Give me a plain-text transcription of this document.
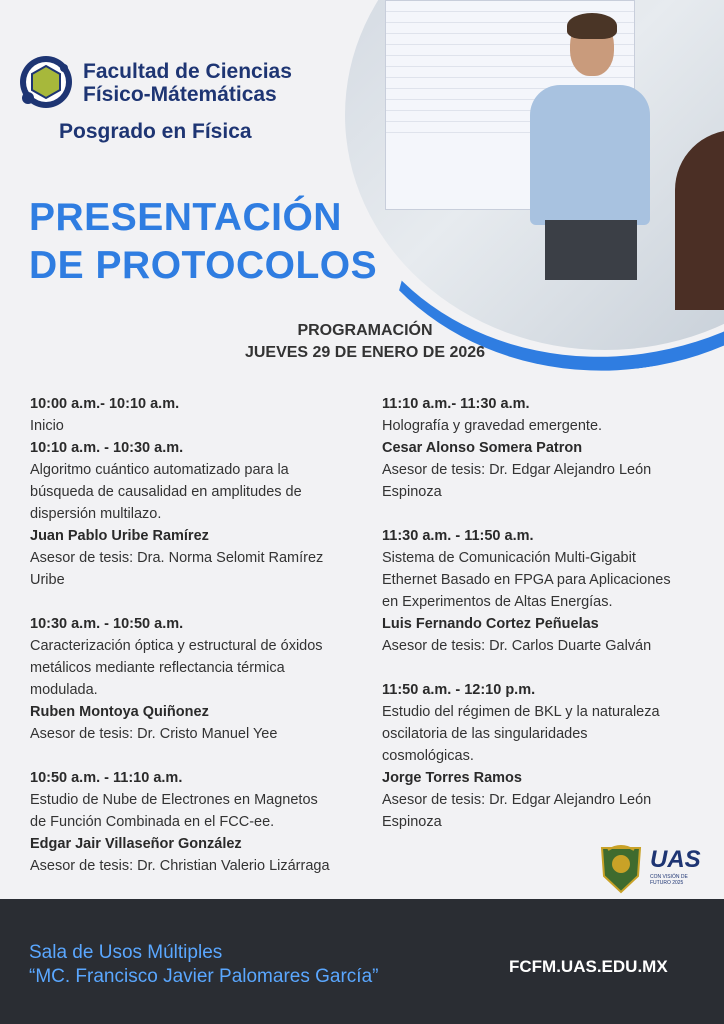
Facultad de Ciencias
Físico-Mátemáticas
Posgrado en Física
PRESENTACIÓN
DE PROTOCOLOS
PROGRAMACIÓN
JUEVES 29 DE ENERO DE 2026
10:00 a.m.- 10:10 a.m.
Inicio
10:10 a.m. - 10:30 a.m.
Algoritmo cuántico automatizado para la
búsqueda de causalidad en amplitudes de
dispersión multilazo.
Juan Pablo Uribe Ramírez
Asesor de tesis: Dra. Norma Selomit Ramírez
Uribe
10:30 a.m. - 10:50 a.m.
Caracterización óptica y estructural de óxidos
metálicos mediante reflectancia térmica
modulada.
Ruben Montoya Quiñonez
Asesor de tesis: Dr. Cristo Manuel Yee
10:50 a.m. - 11:10 a.m.
Estudio de Nube de Electrones en Magnetos
de Función Combinada en el FCC-ee.
Edgar Jair Villaseñor González
Asesor de tesis: Dr. Christian Valerio Lizárraga
11:10 a.m.- 11:30 a.m.
Holografía y gravedad emergente.
Cesar Alonso Somera Patron
Asesor de tesis: Dr. Edgar Alejandro León
Espinoza
11:30 a.m. - 11:50 a.m.
Sistema de Comunicación Multi-Gigabit
Ethernet Basado en FPGA para Aplicaciones
en Experimentos de Altas Energías.
Luis Fernando Cortez Peñuelas
Asesor de tesis: Dr. Carlos Duarte Galván
11:50 a.m. - 12:10 p.m.
Estudio del régimen de BKL y la naturaleza
oscilatoria de las singularidades
cosmológicas.
Jorge Torres Ramos
Asesor de tesis: Dr. Edgar Alejandro León
Espinoza
UAS
CON VISIÓN DE FUTURO 2025
Sala de Usos Múltiples
“MC. Francisco Javier Palomares García”	FCFM.UAS.EDU.MX
